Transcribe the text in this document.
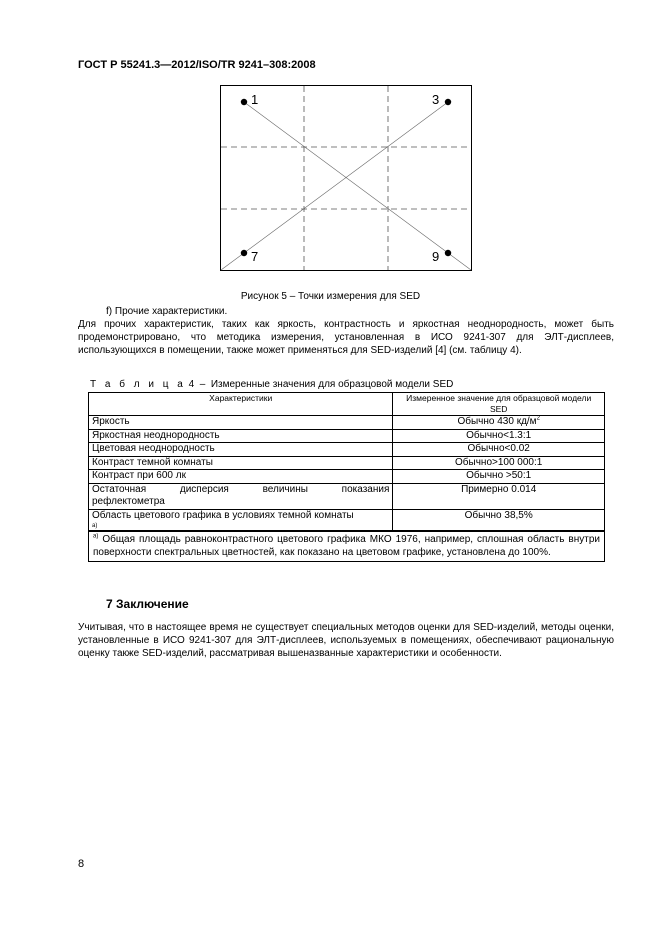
ГОСТ Р 55241.3—2012/ISO/TR 9241–308:2008
1	3
7	9
Рисунок 5 – Точки измерения для SED
f) Прочие характеристики.
Для прочих характеристик, таких как яркость, контрастность и яркостная неоднородность, может быть продемонстрировано, что методика измерения, установленная в ИСО 9241-307 для ЭЛТ-дисплеев, использующихся в помещении, также может применяться для SED-изделий [4] (см. таблицу 4).
Т а б л и ц а 4 – Измеренные значения для образцовой модели SED
Характеристики	Измеренное значение для образцовой модели SED
Яркость	Обычно 430 $кд/м^2$
Яркостная неоднородность	Обычно<1.3:1
Цветовая неоднородность	Обычно<0.02
Контраст темной комнаты	Обычно>100 000:1
Контраст при 600 лк	Обычно >50:1

Остаточная дисперсия величины показания
рефлектометра	Примерно 0.014

Область цветового графика в условиях темной комнаты
а)	Обычно 38,5%
$^{а)}$ Общая площадь равноконтрастного цветового графика МКО 1976, например, сплошная область внутри поверхности спектральных цветностей, как показано на цветовом графике, установлена до 100%.	
7 Заключение
Учитывая, что в настоящее время не существует специальных методов оценки для SED-изделий, методы оценки, установленные в ИСО 9241-307 для ЭЛТ-дисплеев, используемых в помещениях, обеспечивают рациональную оценку также SED-изделий, рассматривая вышеназванные характеристики и особенности.
8
